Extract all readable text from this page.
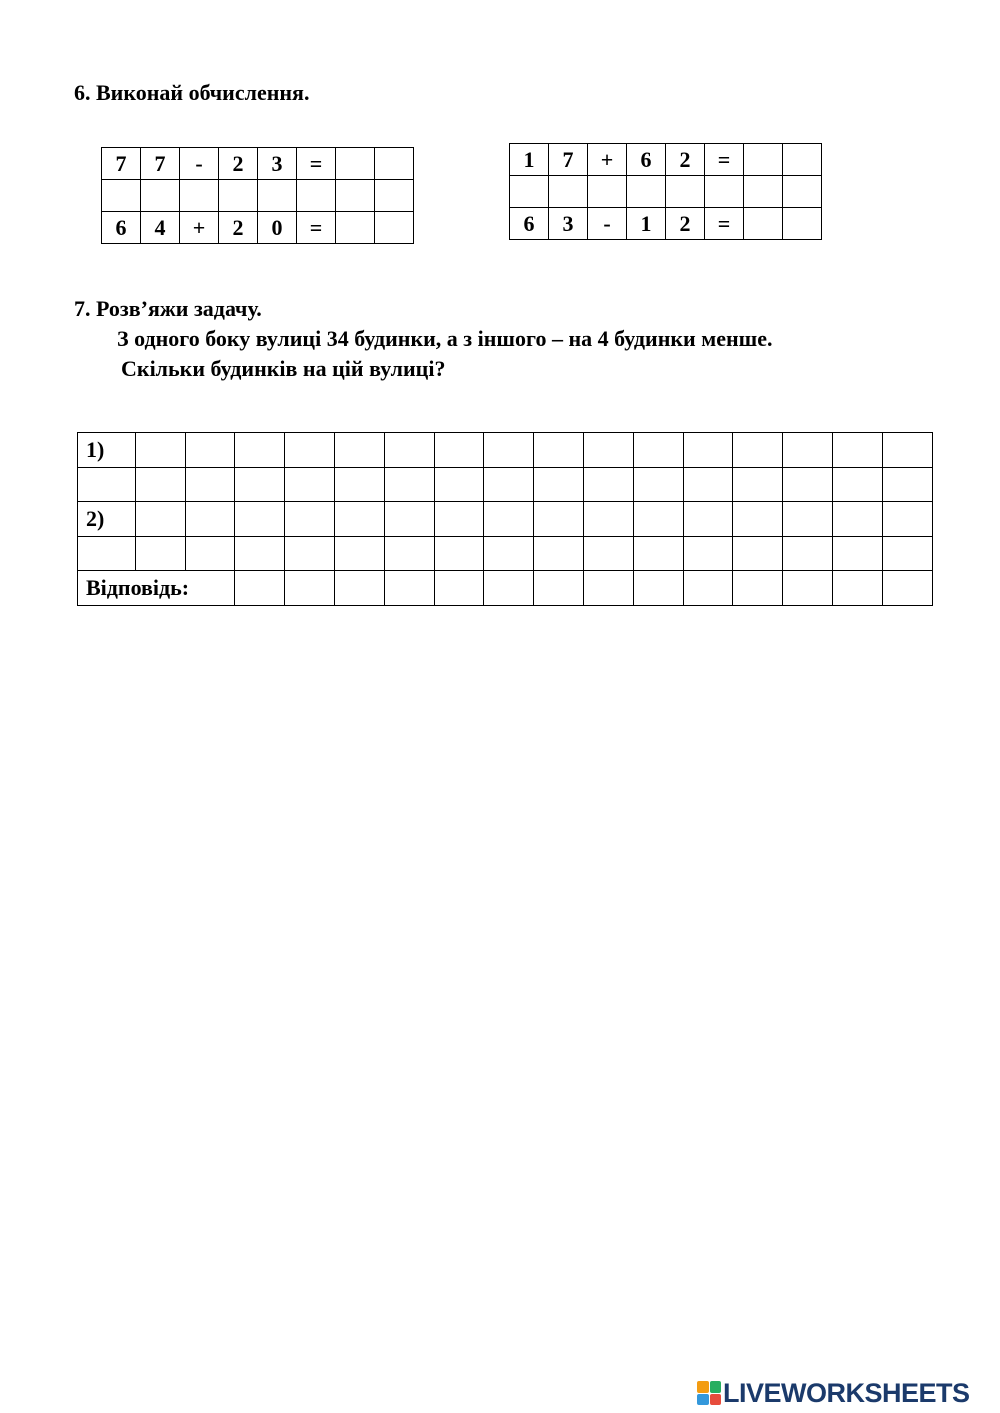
6. Виконай обчислення.

7	7	-	2	3	=		

6	4	+	2	0	=		
1	7	+	6	2	=		

6	3	-	1	2	=		

7. Розв’яжи задачу.

З одного боку вулиці 34 будинки, а з іншого – на 4 будинки менше.

Скільки будинків на цій вулиці?

1)																

2)																

Відповідь:																
LIVEWORKSHEETS
